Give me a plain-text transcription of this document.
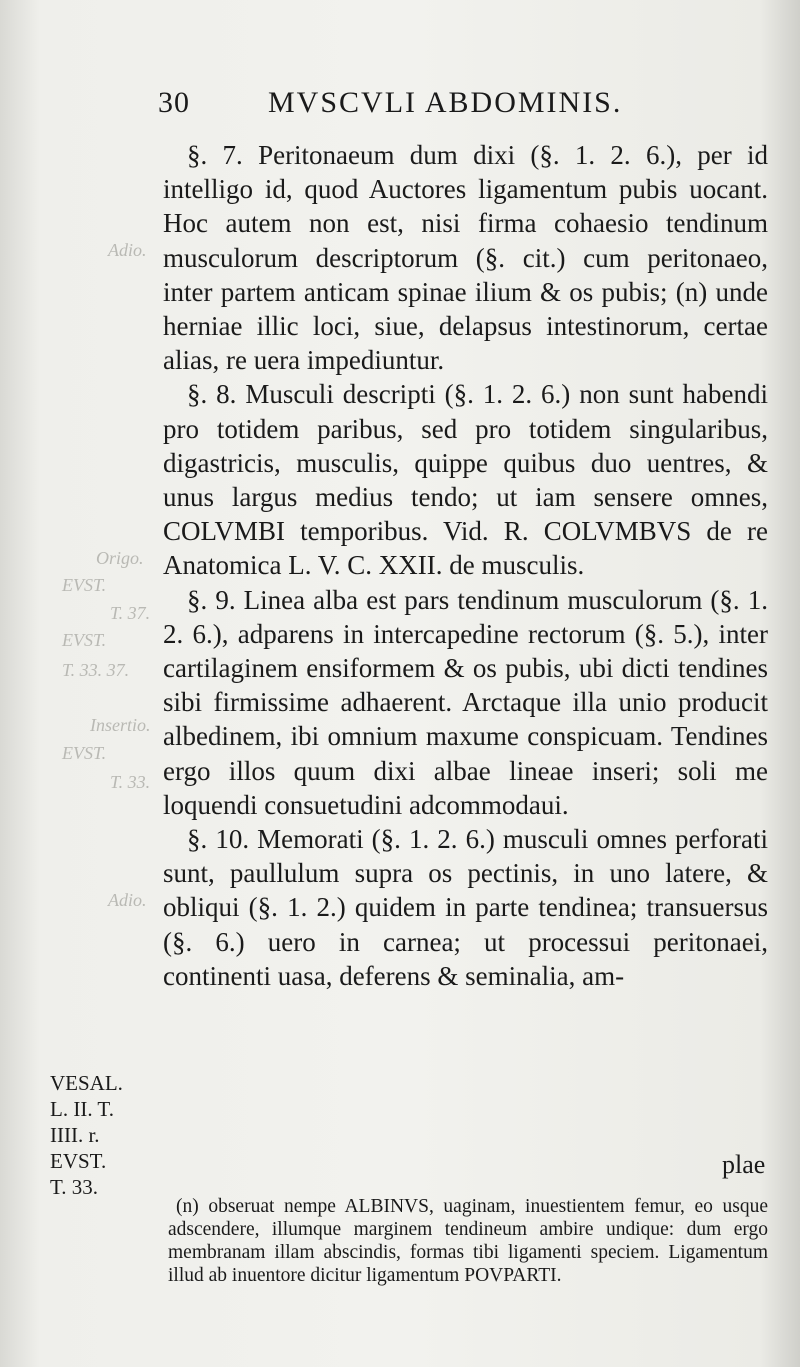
Adio.
Origo.
EVST.
T. 37.
EVST.
T. 33. 37.
Insertio.
EVST.
T. 33.
Adio.
30	MVSCVLI ABDOMINIS.

§. 7. Peritonaeum dum dixi (§. 1. 2. 6.), per id intelligo id, quod Auctores ligamentum pubis uocant. Hoc autem non est, nisi firma cohaesio tendinum musculorum descriptorum (§. cit.) cum peritonaeo, inter partem anticam spinae ilium & os pubis; (n) unde herniae illic loci, siue, delapsus intestinorum, certae alias, re uera impediuntur.

§. 8. Musculi descripti (§. 1. 2. 6.) non sunt habendi pro totidem paribus, sed pro totidem singularibus, digastricis, musculis, quippe quibus duo uentres, & unus largus medius tendo; ut iam sensere omnes, COLVMBI temporibus. Vid. R. COLVMBVS de re Anatomica L. V. C. XXII. de musculis.

§. 9. Linea alba est pars tendinum musculorum (§. 1. 2. 6.), adparens in intercapedine rectorum (§. 5.), inter cartilaginem ensiformem & os pubis, ubi dicti tendines sibi firmissime adhaerent. Arctaque illa unio producit albedinem, ibi omnium maxume conspicuam. Tendines ergo illos quum dixi albae lineae inseri; soli me loquendi consuetudini adcommodaui.

§. 10. Memorati (§. 1. 2. 6.) musculi omnes perforati sunt, paullulum supra os pectinis, in uno latere, & obliqui (§. 1. 2.) quidem in parte tendinea; transuersus (§. 6.) uero in carnea; ut processui peritonaei, continenti uasa, deferens & seminalia, am-

plae
VESAL.
L. II. T.
IIII. r.
EVST.
T. 33.

(n) obseruat nempe ALBINVS, uaginam, inuestientem femur, eo usque adscendere, illumque marginem tendineum ambire undique: dum ergo membranam illam abscindis, formas tibi ligamenti speciem. Ligamentum illud ab inuentore dicitur ligamentum POVPARTI.
